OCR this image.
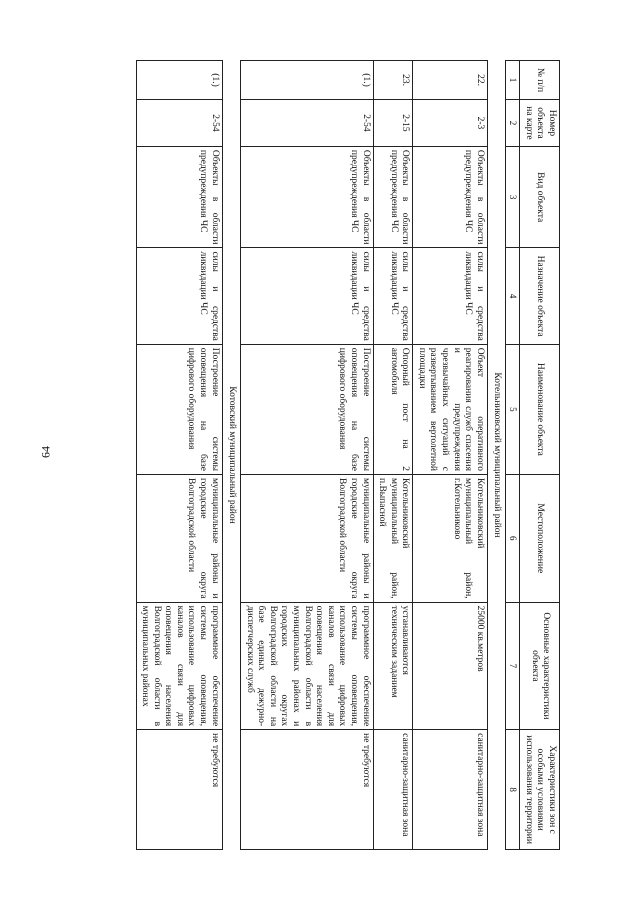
64
№ п/п	Номер объекта на карте	Вид объекта	Назначение объекта	Наименование объекта	Местоположение	Основные характеристики объекта	Характеристики зон с особыми условиями использования территории
1	2	3	4	5	6	7	8
Котельниковский муниципальный район							
22.	2-3	Объекты в области предупреждения ЧС	силы и средства ликвидации ЧС	Объект оперативного реагирования служб спасения и предупреждения чрезвычайных ситуаций с развертыванием вертолетной площадки	Котельниковский муниципальный район, г.Котельниково	25000 кв.метров	санитарно-защитная зона
23.	2-15	Объекты в области предупреждения ЧС	силы и средства ликвидации ЧС	Опорный пост на 2 автомобиля	Котельниковский муниципальный район, п.Выпасной	устанавливаются техническим заданием	санитарно-защитная зона
(1.)	2-54	Объекты в области предупреждения ЧС	силы и средства ликвидации ЧС	Построение системы оповещения на базе цифрового оборудования	муниципальные районы и городские округа Волгоградской области	программное обеспечение системы оповещения, использование цифровых каналов связи для оповещения населения Волгоградской области в муниципальных районах и городских округах Волгоградской области на базе единых дежурно-диспетчерских служб	не требуются
Котовский муниципальный район							
(1.)	2-54	Объекты в области предупреждения ЧС	силы и средства ликвидации ЧС	Построение системы оповещения на базе цифрового оборудования	муниципальные районы и городские округа Волгоградской области	программное обеспечение системы оповещения, использование цифровых каналов связи для оповещения населения Волгоградской области в муниципальных районах	не требуются
